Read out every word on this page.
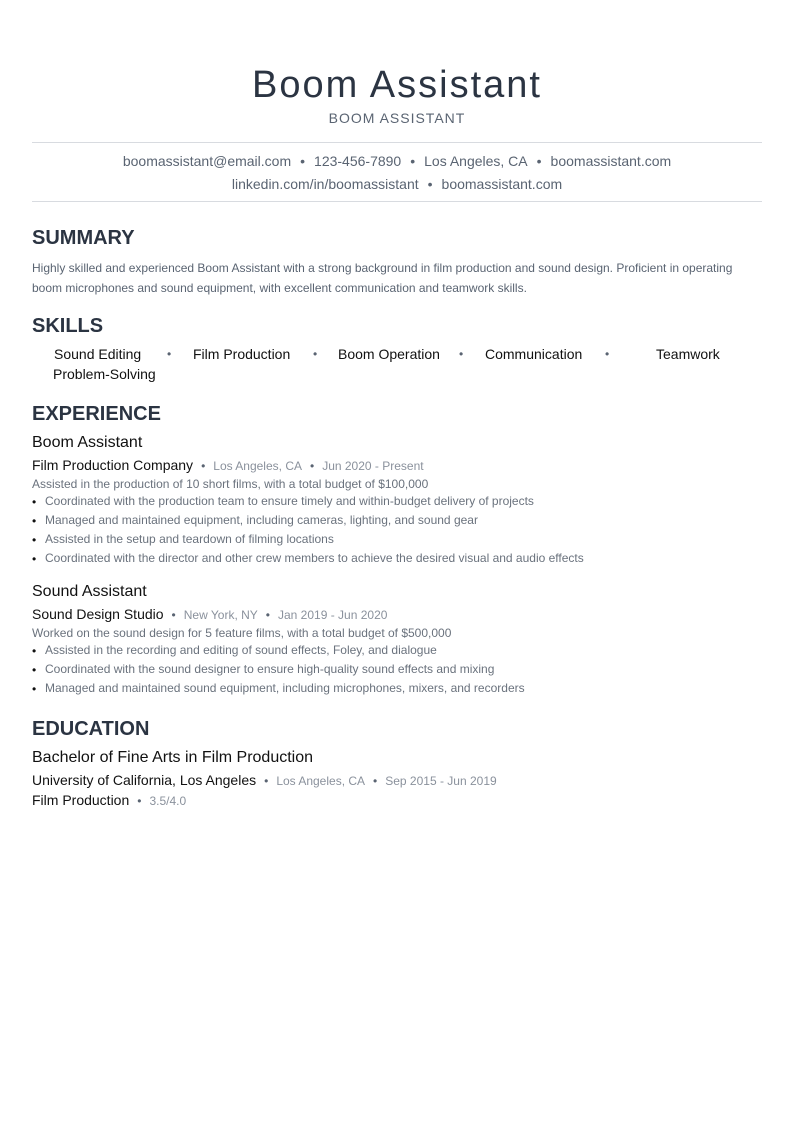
Boom Assistant
BOOM ASSISTANT
boomassistant@email.com • 123-456-7890 • Los Angeles, CA • boomassistant.com
linkedin.com/in/boomassistant • boomassistant.com
SUMMARY

Highly skilled and experienced Boom Assistant with a strong background in film production and sound design. Proficient in operating boom microphones and sound equipment, with excellent communication and teamwork skills.

SKILLS
Sound Editing • Film Production • Boom Operation • Communication •	Teamwork
Problem-Solving
EXPERIENCE
Boom Assistant
Film Production Company • Los Angeles, CA • Jun 2020 - Present
Assisted in the production of 10 short films, with a total budget of $100,000
• Coordinated with the production team to ensure timely and within-budget delivery of projects
• Managed and maintained equipment, including cameras, lighting, and sound gear
• Assisted in the setup and teardown of filming locations
• Coordinated with the director and other crew members to achieve the desired visual and audio effects
Sound Assistant
Sound Design Studio • New York, NY • Jan 2019 - Jun 2020
Worked on the sound design for 5 feature films, with a total budget of $500,000
• Assisted in the recording and editing of sound effects, Foley, and dialogue
• Coordinated with the sound designer to ensure high-quality sound effects and mixing
• Managed and maintained sound equipment, including microphones, mixers, and recorders
EDUCATION
Bachelor of Fine Arts in Film Production
University of California, Los Angeles • Los Angeles, CA • Sep 2015 - Jun 2019
Film Production • 3.5/4.0
